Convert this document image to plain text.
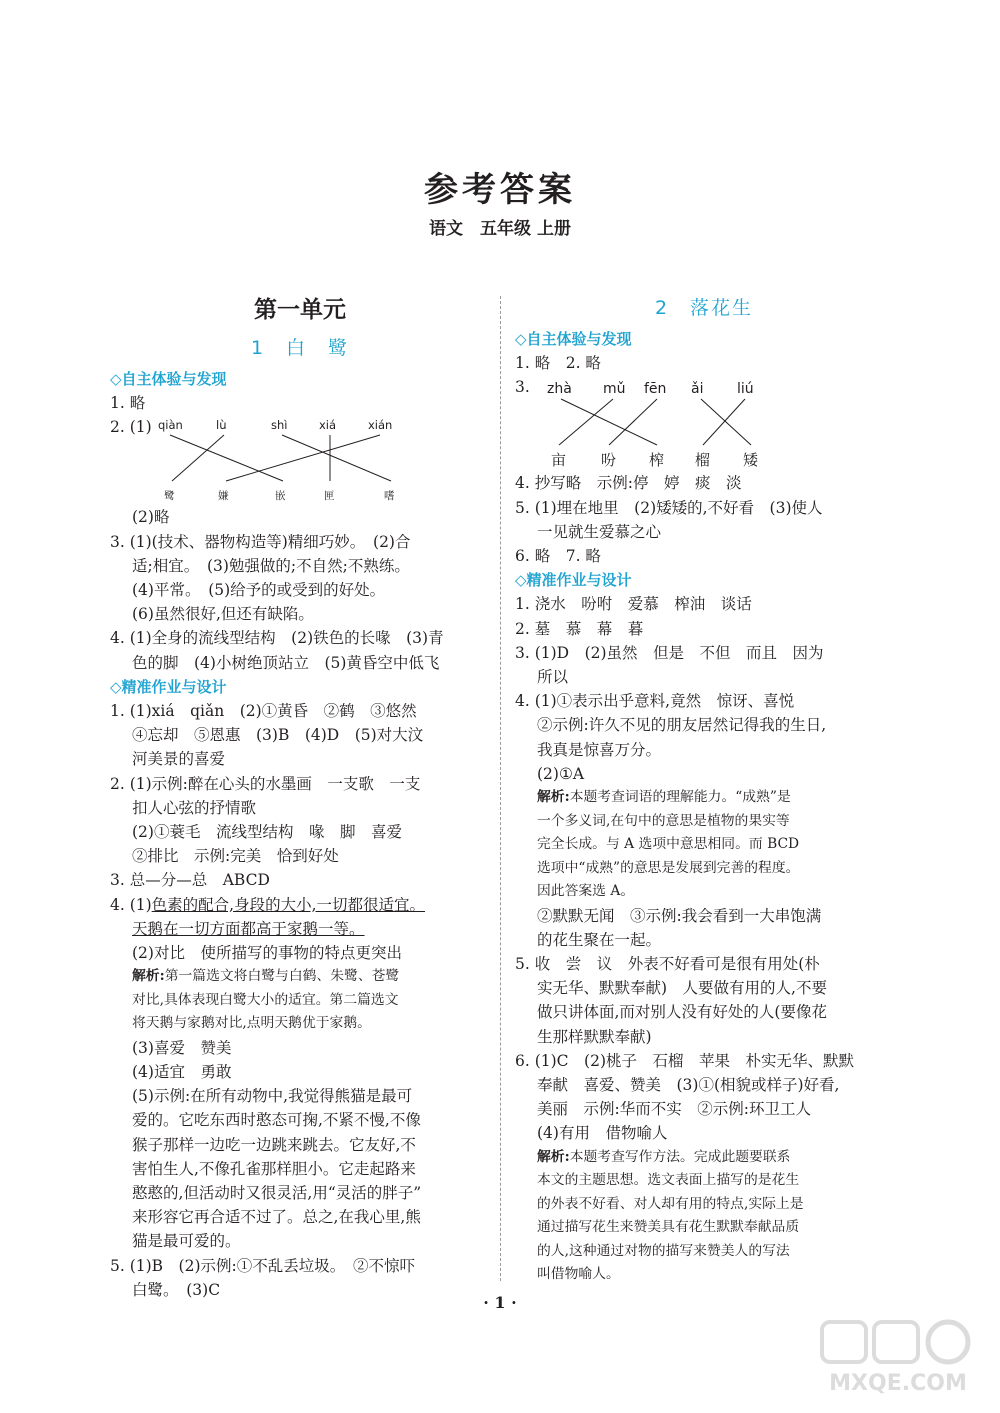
参考答案
语文　五年级 上册
第一单元
1　白　鹭
◇自主体验与发现
1. 略
2. (1) qiàn	lù	shì	xiá	xián
鹭	嫌	嵌	匣	嗜
(2)略
3. (1)(技术、器物构造等)精细巧妙。　(2)合
适;相宜。　(3)勉强做的;不自然;不熟练。
(4)平常。　(5)给予的或受到的好处。
(6)虽然很好,但还有缺陷。
4. (1)全身的流线型结构　(2)铁色的长喙　(3)青
色的脚　(4)小树绝顶站立　(5)黄昏空中低飞
◇精准作业与设计
1. (1)xiá　qiǎn　(2)①黄昏　②鹤　③悠然
④忘却　⑤恩惠　(3)B　(4)D　(5)对大汶
河美景的喜爱
2. (1)示例:醉在心头的水墨画　一支歌　一支
扣人心弦的抒情歌
(2)①蓑毛　流线型结构　喙　脚　喜爱
②排比　示例:完美　恰到好处
3. 总—分—总　ABCD
4. (1)色素的配合,身段的大小,一切都很适宜。
天鹅在一切方面都高于家鹅一等。
(2)对比　使所描写的事物的特点更突出
解析:第一篇选文将白鹭与白鹤、朱鹭、苍鹭
对比,具体表现白鹭大小的适宜。第二篇选文
将天鹅与家鹅对比,点明天鹅优于家鹅。
(3)喜爱　赞美
(4)适宜　勇敢
(5)示例:在所有动物中,我觉得熊猫是最可
爱的。它吃东西时憨态可掬,不紧不慢,不像
猴子那样一边吃一边跳来跳去。它友好,不
害怕生人,不像孔雀那样胆小。它走起路来
憨憨的,但活动时又很灵活,用“灵活的胖子”
来形容它再合适不过了。总之,在我心里,熊
猫是最可爱的。
5. (1)B　(2)示例:①不乱丢垃圾。　②不惊吓
白鹭。　(3)C
2　落花生
◇自主体验与发现
1. 略　2. 略
3. zhà mǔ fēn ǎi liú
亩 吩 榨 榴 矮
4. 抄写略　示例:停　婷　痰　淡
5. (1)埋在地里　(2)矮矮的,不好看　(3)使人
一见就生爱慕之心
6. 略　7. 略
◇精准作业与设计
1. 浇水　吩咐　爱慕　榨油　谈话
2. 墓　慕　幕　暮
3. (1)D　(2)虽然　但是　不但　而且　因为
所以
4. (1)①表示出乎意料,竟然　惊讶、喜悦
②示例:许久不见的朋友居然记得我的生日,
我真是惊喜万分。
(2)①A
解析:本题考查词语的理解能力。“成熟”是
一个多义词,在句中的意思是植物的果实等
完全长成。与 A 选项中意思相同。而 BCD
选项中“成熟”的意思是发展到完善的程度。
因此答案选 A。
②默默无闻　③示例:我会看到一大串饱满
的花生聚在一起。
5. 收　尝　议　外表不好看可是很有用处(朴
实无华、默默奉献)　人要做有用的人,不要
做只讲体面,而对别人没有好处的人(要像花
生那样默默奉献)
6. (1)C　(2)桃子　石榴　苹果　朴实无华、默默
奉献　喜爱、赞美　(3)①(相貌或样子)好看,
美丽　示例:华而不实　②示例:环卫工人
(4)有用　借物喻人
解析:本题考查写作方法。完成此题要联系
本文的主题思想。选文表面上描写的是花生
的外表不好看、对人却有用的特点,实际上是
通过描写花生来赞美具有花生默默奉献品质
的人,这种通过对物的描写来赞美人的写法
叫借物喻人。
· 1 ·
MXQE.COM
